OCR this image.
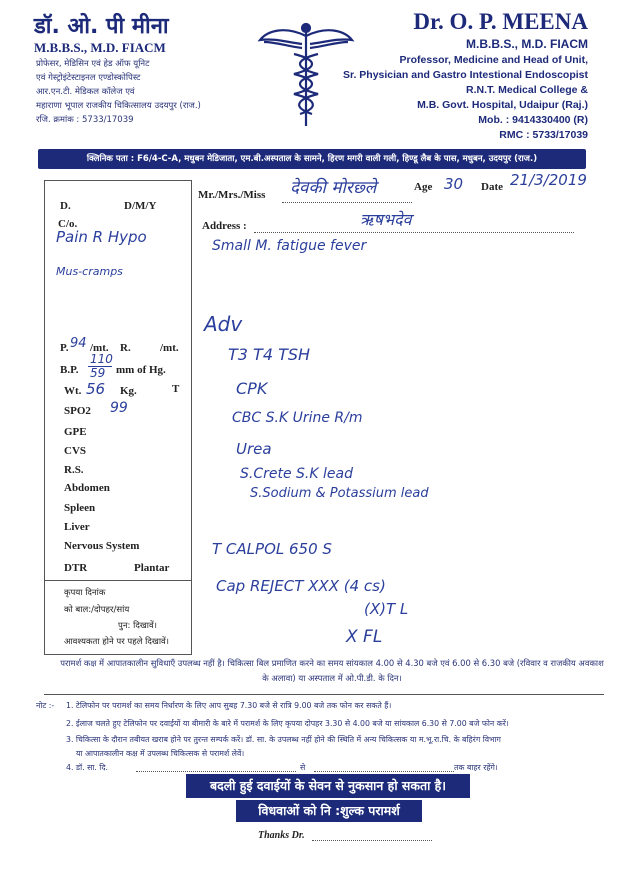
डॉ. ओ. पी मीना
M.B.B.S., M.D. FIACM
प्रोफेसर, मेडिसिन एवं हेड ऑफ यूनिट
एवं गेस्ट्रोइंटेस्टाइनल एण्डोस्कोपिस्ट
आर.एन.टी. मेडिकल कॉलेज एवं
महाराणा भूपाल राजकीय चिकित्सालय उदयपुर (राज.)
रजि. क्रमांक : 5733/17039
Dr. O. P. MEENA
M.B.B.S., M.D. FIACM
Professor, Medicine and Head of Unit,
Sr. Physician and Gastro Intestional Endoscopist
R.N.T. Medical College &
M.B. Govt. Hospital, Udaipur (Raj.)
Mob. : 9414330400 (R)
RMC : 5733/17039
क्लिनिक पता : F6/4-C-A, मधुबन मेडिजाता, एम.बी.अस्पताल के सामने, हिरण मगरी वाली गली, हिण्डू लैब के पास, मधुबन, उदयपुर (राज.)
Mr./Mrs./Miss देवकी मोरछ्ले	Age 30 Date 21/3/2019
Address :	ऋषभदेव
D.	D/M/Y
C/o.
Pain R Hypo
Mus-cramps
P. 94 /mt. R.	/mt.
B.P.
110
59 mm of Hg.
Wt. 56 Kg.	T
SPO2 99
GPE
CVS
R.S.
Abdomen
Spleen
Liver
Nervous System
DTR	Plantar
कृपया दिनांक
को बाल:/दोपहर/सांय
पुन: दिखावें।
आवश्यकता होने पर पहले दिखावें।
Small M. fatigue fever
Adv
T3 T4 TSH
CPK
CBC S.K Urine R/m
Urea
S.Crete S.K lead
S.Sodium & Potassium lead
T CALPOL 650 S
Cap REJECT XXX (4 cs)
(X)T L
X FL
परामर्श कक्ष में आपातकालीन सुविधाएँ उपलब्ध नहीं है। चिकित्सा बिल प्रमाणित करने का समय सांयकाल 4.00 से 4.30 बजे एवं 6.00 से 6.30 बजे (रविवार व राजकीय अवकाश के अलावा) या अस्पताल में ओ.पी.डी. के दिन।
नोट :- 1. टेलिफोन पर परामर्श का समय निर्धारण के लिए आप सुबह 7.30 बजे से रात्रि 9.00 बजे तक फोन कर सकते हैं।
2. ईलाज चलते हुए टेलिफोन पर दवाईयों या बीमारी के बारे में परामर्श के लिए कृपया दोपहर 3.30 से 4.00 बजे या सांयकाल 6.30 से 7.00 बजे फोन करें।
3. चिकित्सा के दौरान तबीयत खराब होने पर तुरन्त सम्पर्क करें। डॉ. सा. के उपलब्ध नहीं होने की स्थिति में अन्य चिकित्सक या म.भू.रा.चि. के बहिरंग विभाग
या आपातकालीन कक्ष में उपलब्ध चिकित्सक से परामर्श लेवें।
4. डॉ. सा. दि.	से	तक बाहर रहेंगे।
बदली हुई दवाईयों के सेवन से नुकसान हो सकता है।
विधवाओं को नि :शुल्क परामर्श
Thanks Dr.
